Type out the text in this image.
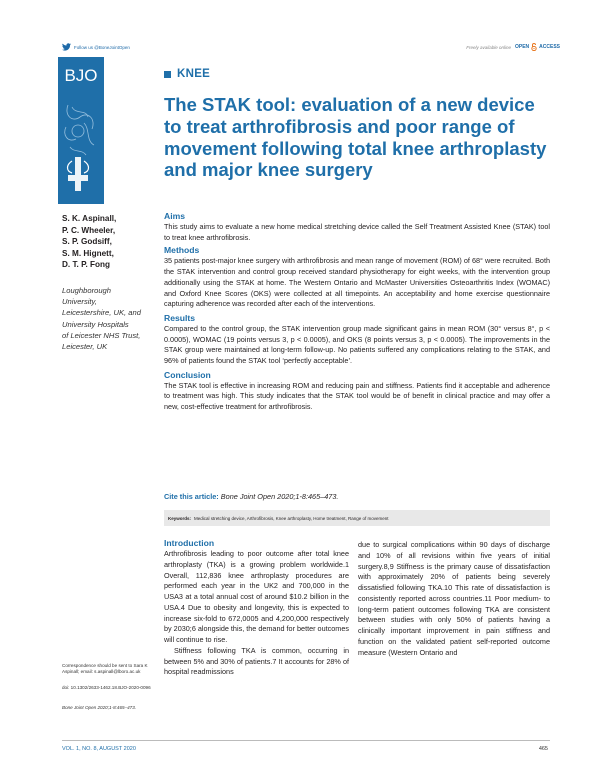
Follow us @BoneJointOpen	Freely available online OPEN ACCESS
BJO	KNEE
The STAK tool: evaluation of a new device to treat arthrofibrosis and poor range of movement following total knee arthroplasty and major knee surgery
S. K. Aspinall,
P. C. Wheeler,
S. P. Godsiff,
S. M. Hignett,
D. T. P. Fong
Loughborough
University,
Leicestershire, UK, and
University Hospitals
of Leicester NHS Trust,
Leicester, UK

Aims

This study aims to evaluate a new home medical stretching device called the Self Treatment Assisted Knee (STAK) tool to treat knee arthrofibrosis.

Methods

35 patients post-major knee surgery with arthrofibrosis and mean range of movement (ROM) of 68° were recruited. Both the STAK intervention and control group received standard physiotherapy for eight weeks, with the intervention group additionally using the STAK at home. The Western Ontario and McMaster Universities Osteoarthritis Index (WOMAC) and Oxford Knee Scores (OKS) were collected at all timepoints. An acceptability and home exercise questionnaire capturing adherence was recorded after each of the interventions.

Results

Compared to the control group, the STAK intervention group made significant gains in mean ROM (30° versus 8°, p < 0.0005), WOMAC (19 points versus 3, p < 0.0005), and OKS (8 points versus 3, p < 0.0005). The improvements in the STAK group were maintained at long-term follow-up. No patients suffered any complications relating to the STAK, and 96% of patients found the STAK tool ‘perfectly acceptable’.

Conclusion

The STAK tool is effective in increasing ROM and reducing pain and stiffness. Patients find it acceptable and adherence to treatment was high. This study indicates that the STAK tool would be of benefit in clinical practice and may offer a new, cost-effective treatment for arthrofibrosis.

Cite this article: Bone Joint Open 2020;1-8:465–473.
Keywords: Medical stretching device, Arthrofibrosis, Knee arthroplasty, Home treatment, Range of movement
Introduction

Arthrofibrosis leading to poor outcome after total knee arthroplasty (TKA) is a growing problem worldwide.1 Overall, 112,836 knee arthroplasty procedures are performed each year in the UK2 and 700,000 in the USA3 at a total annual cost of around $10.2 billion in the USA.4 Due to obesity and longevity, this is expected to increase six-fold to 672,0005 and 4,200,000 respectively by 2030;6 alongside this, the demand for better outcomes will continue to rise.

Stiffness following TKA is common, occurring in between 5% and 30% of patients.7 It accounts for 28% of hospital readmissions

due to surgical complications within 90 days of discharge and 10% of all revisions within five years of initial surgery.8,9 Stiffness is the primary cause of dissatisfaction with approximately 20% of patients being severely dissatisfied following TKA.10 This rate of dissatisfaction is consistently reported across countries.11 Poor medium- to long-term patient outcomes following TKA are consistent between studies with only 50% of patients having a clinically important improvement in pain stiffness and function on the validated patient self-reported outcome measure (Western Ontario and

Correspondence should be sent to Sara K Aspinall; email: s.aspinall@lboro.ac.uk
doi: 10.1302/2633-1462.18.BJO-2020-0096
Bone Joint Open 2020;1-8:465–473.
VOL. 1, NO. 8, AUGUST 2020	465
